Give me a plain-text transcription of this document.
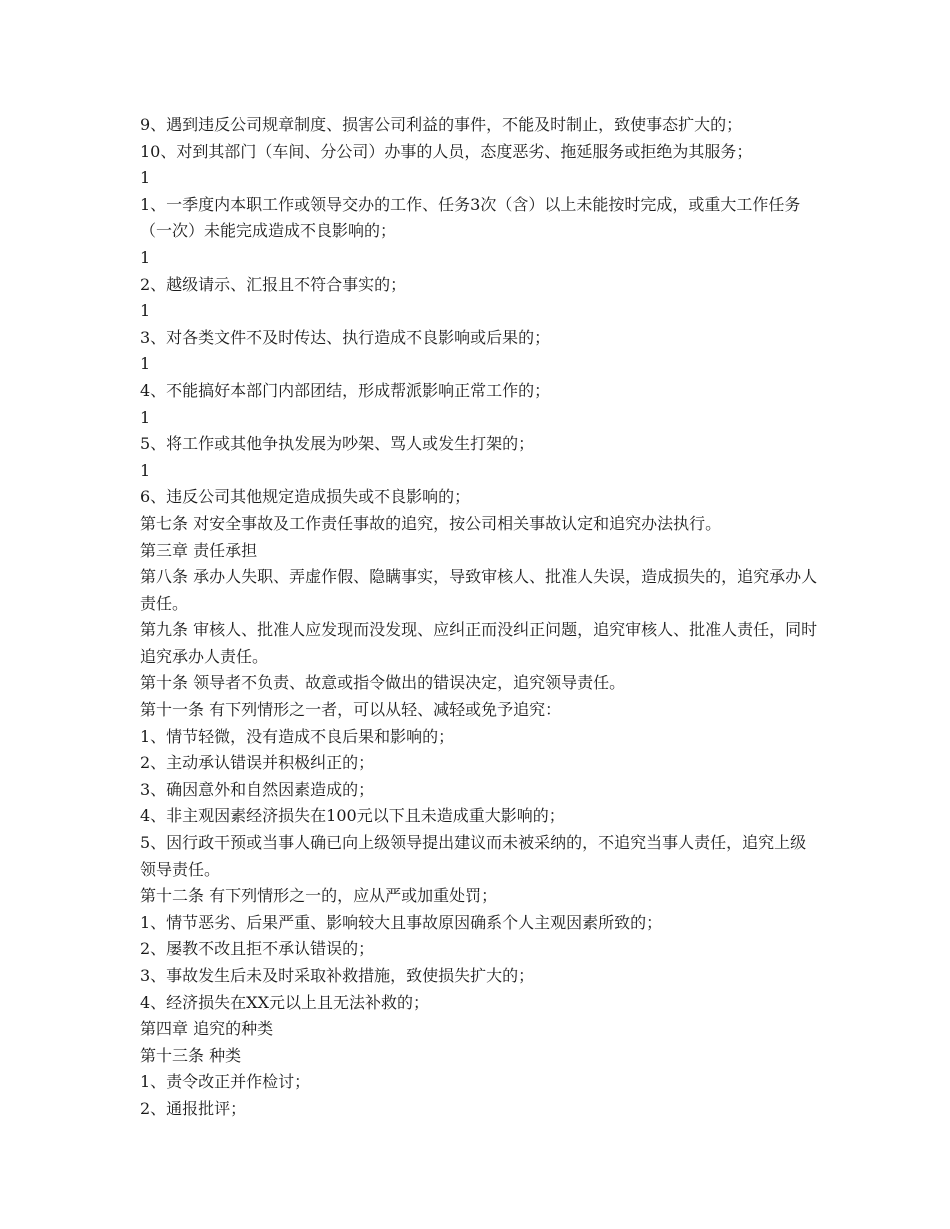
9、遇到违反公司规章制度、损害公司利益的事件，不能及时制止，致使事态扩大的；

10、对到其部门（车间、分公司）办事的人员，态度恶劣、拖延服务或拒绝为其服务；

1

1、一季度内本职工作或领导交办的工作、任务3次（含）以上未能按时完成，或重大工作任务（一次）未能完成造成不良影响的；

1

2、越级请示、汇报且不符合事实的；

1

3、对各类文件不及时传达、执行造成不良影响或后果的；

1

4、不能搞好本部门内部团结，形成帮派影响正常工作的；

1

5、将工作或其他争执发展为吵架、骂人或发生打架的；

1

6、违反公司其他规定造成损失或不良影响的；

第七条 对安全事故及工作责任事故的追究，按公司相关事故认定和追究办法执行。

第三章 责任承担

第八条 承办人失职、弄虚作假、隐瞒事实，导致审核人、批准人失误，造成损失的，追究承办人责任。

第九条 审核人、批准人应发现而没发现、应纠正而没纠正问题，追究审核人、批准人责任，同时追究承办人责任。

第十条 领导者不负责、故意或指令做出的错误决定，追究领导责任。

第十一条 有下列情形之一者，可以从轻、减轻或免予追究：

1、情节轻微，没有造成不良后果和影响的；

2、主动承认错误并积极纠正的；

3、确因意外和自然因素造成的；

4、非主观因素经济损失在100元以下且未造成重大影响的；

5、因行政干预或当事人确已向上级领导提出建议而未被采纳的，不追究当事人责任，追究上级领导责任。

第十二条 有下列情形之一的，应从严或加重处罚；

1、情节恶劣、后果严重、影响较大且事故原因确系个人主观因素所致的；

2、屡教不改且拒不承认错误的；

3、事故发生后未及时采取补救措施，致使损失扩大的；

4、经济损失在XX元以上且无法补救的；

第四章 追究的种类

第十三条 种类

1、责令改正并作检讨；

2、通报批评；
